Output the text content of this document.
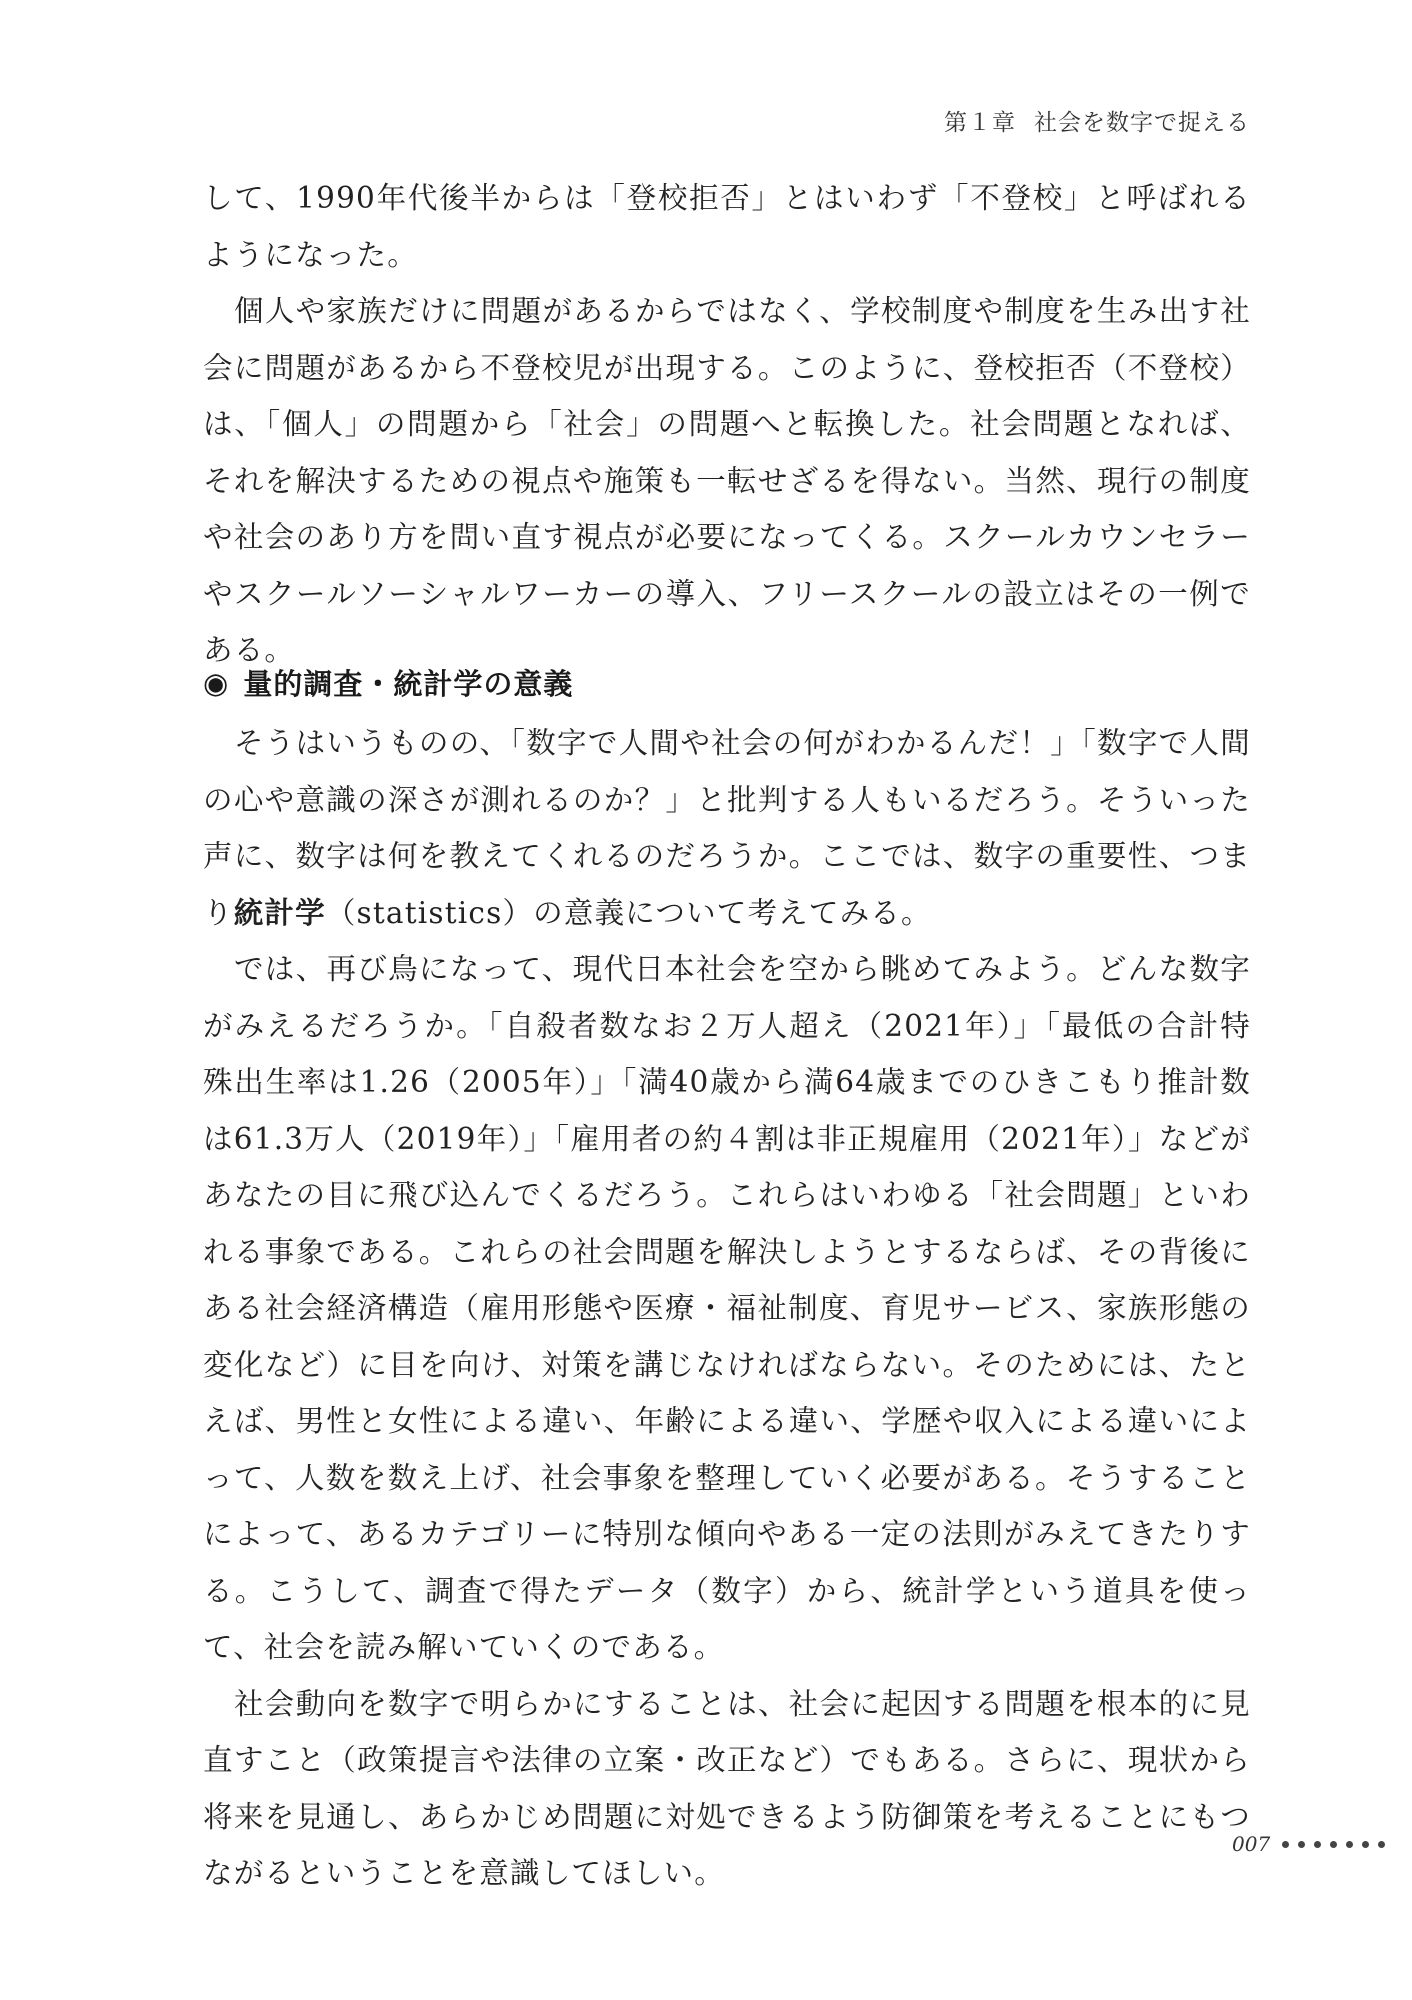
第１章 社会を数字で捉える

して、1990年代後半からは「登校拒否」とはいわず「不登校」と呼ばれるようになった。

個人や家族だけに問題があるからではなく、学校制度や制度を生み出す社会に問題があるから不登校児が出現する。このように、登校拒否（不登校）は、「個人」の問題から「社会」の問題へと転換した。社会問題となれば、それを解決するための視点や施策も一転せざるを得ない。当然、現行の制度や社会のあり方を問い直す視点が必要になってくる。スクールカウンセラーやスクールソーシャルワーカーの導入、フリースクールの設立はその一例である。

◉ 量的調査・統計学の意義

そうはいうものの、「数字で人間や社会の何がわかるんだ！」「数字で人間の心や意識の深さが測れるのか？」と批判する人もいるだろう。そういった声に、数字は何を教えてくれるのだろうか。ここでは、数字の重要性、つまり統計学（statistics）の意義について考えてみる。

では、再び鳥になって、現代日本社会を空から眺めてみよう。どんな数字がみえるだろうか。「自殺者数なお２万人超え（2021年）」「最低の合計特殊出生率は1.26（2005年）」「満40歳から満64歳までのひきこもり推計数は61.3万人（2019年）」「雇用者の約４割は非正規雇用（2021年）」などがあなたの目に飛び込んでくるだろう。これらはいわゆる「社会問題」といわれる事象である。これらの社会問題を解決しようとするならば、その背後にある社会経済構造（雇用形態や医療・福祉制度、育児サービス、家族形態の変化など）に目を向け、対策を講じなければならない。そのためには、たとえば、男性と女性による違い、年齢による違い、学歴や収入による違いによって、人数を数え上げ、社会事象を整理していく必要がある。そうすることによって、あるカテゴリーに特別な傾向やある一定の法則がみえてきたりする。こうして、調査で得たデータ（数字）から、統計学という道具を使って、社会を読み解いていくのである。

社会動向を数字で明らかにすることは、社会に起因する問題を根本的に見直すこと（政策提言や法律の立案・改正など）でもある。さらに、現状から将来を見通し、あらかじめ問題に対処できるよう防御策を考えることにもつながるということを意識してほしい。

007
